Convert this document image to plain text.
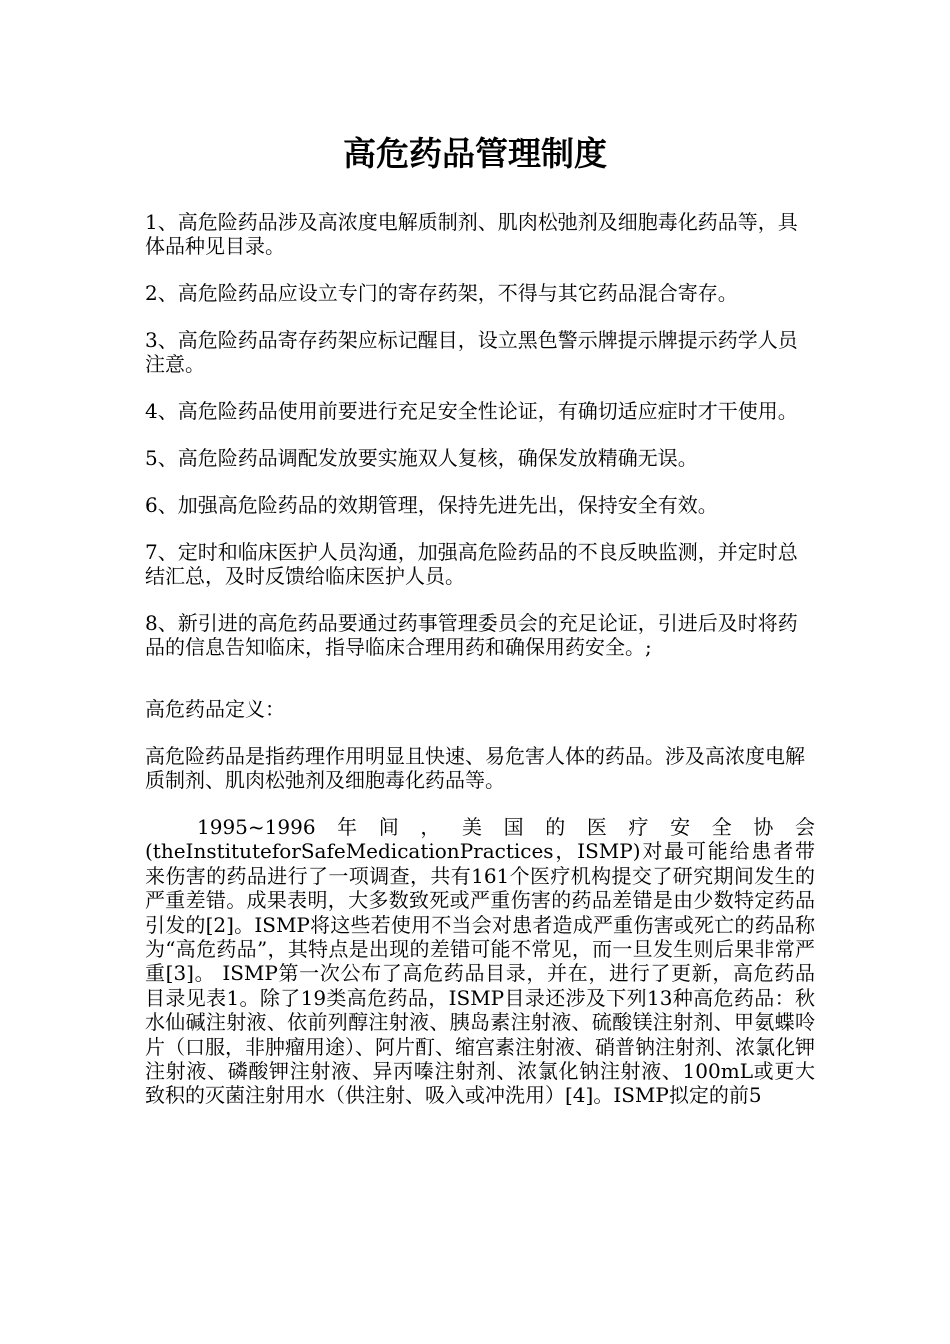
高危药品管理制度

1、高危险药品涉及高浓度电解质制剂、肌肉松弛剂及细胞毒化药品等，具体品种见目录。

2、高危险药品应设立专门的寄存药架，不得与其它药品混合寄存。

3、高危险药品寄存药架应标记醒目，设立黑色警示牌提示牌提示药学人员注意。

4、高危险药品使用前要进行充足安全性论证，有确切适应症时才干使用。

5、高危险药品调配发放要实施双人复核，确保发放精确无误。

6、加强高危险药品的效期管理，保持先进先出，保持安全有效。

7、定时和临床医护人员沟通，加强高危险药品的不良反映监测，并定时总结汇总，及时反馈给临床医护人员。

8、新引进的高危药品要通过药事管理委员会的充足论证，引进后及时将药品的信息告知临床，指导临床合理用药和确保用药安全。;

高危药品定义：

高危险药品是指药理作用明显且快速、易危害人体的药品。涉及高浓度电解质制剂、肌肉松弛剂及细胞毒化药品等。

1995~1996年间，美国的医疗安全协会(theInstituteforSafeMedicationPractices，ISMP)对最可能给患者带来伤害的药品进行了一项调查，共有161个医疗机构提交了研究期间发生的严重差错。成果表明，大多数致死或严重伤害的药品差错是由少数特定药品引发的[2]。ISMP将这些若使用不当会对患者造成严重伤害或死亡的药品称为“高危药品”，其特点是出现的差错可能不常见，而一旦发生则后果非常严重[3]。 ISMP第一次公布了高危药品目录，并在，进行了更新，高危药品目录见表1。除了19类高危药品，ISMP目录还涉及下列13种高危药品：秋水仙碱注射液、依前列醇注射液、胰岛素注射液、硫酸镁注射剂、甲氨蝶呤片（口服，非肿瘤用途）、阿片酊、缩宫素注射液、硝普钠注射剂、浓氯化钾注射液、磷酸钾注射液、异丙嗪注射剂、浓氯化钠注射液、100mL或更大致积的灭菌注射用水（供注射、吸入或冲洗用）[4]。ISMP拟定的前5
